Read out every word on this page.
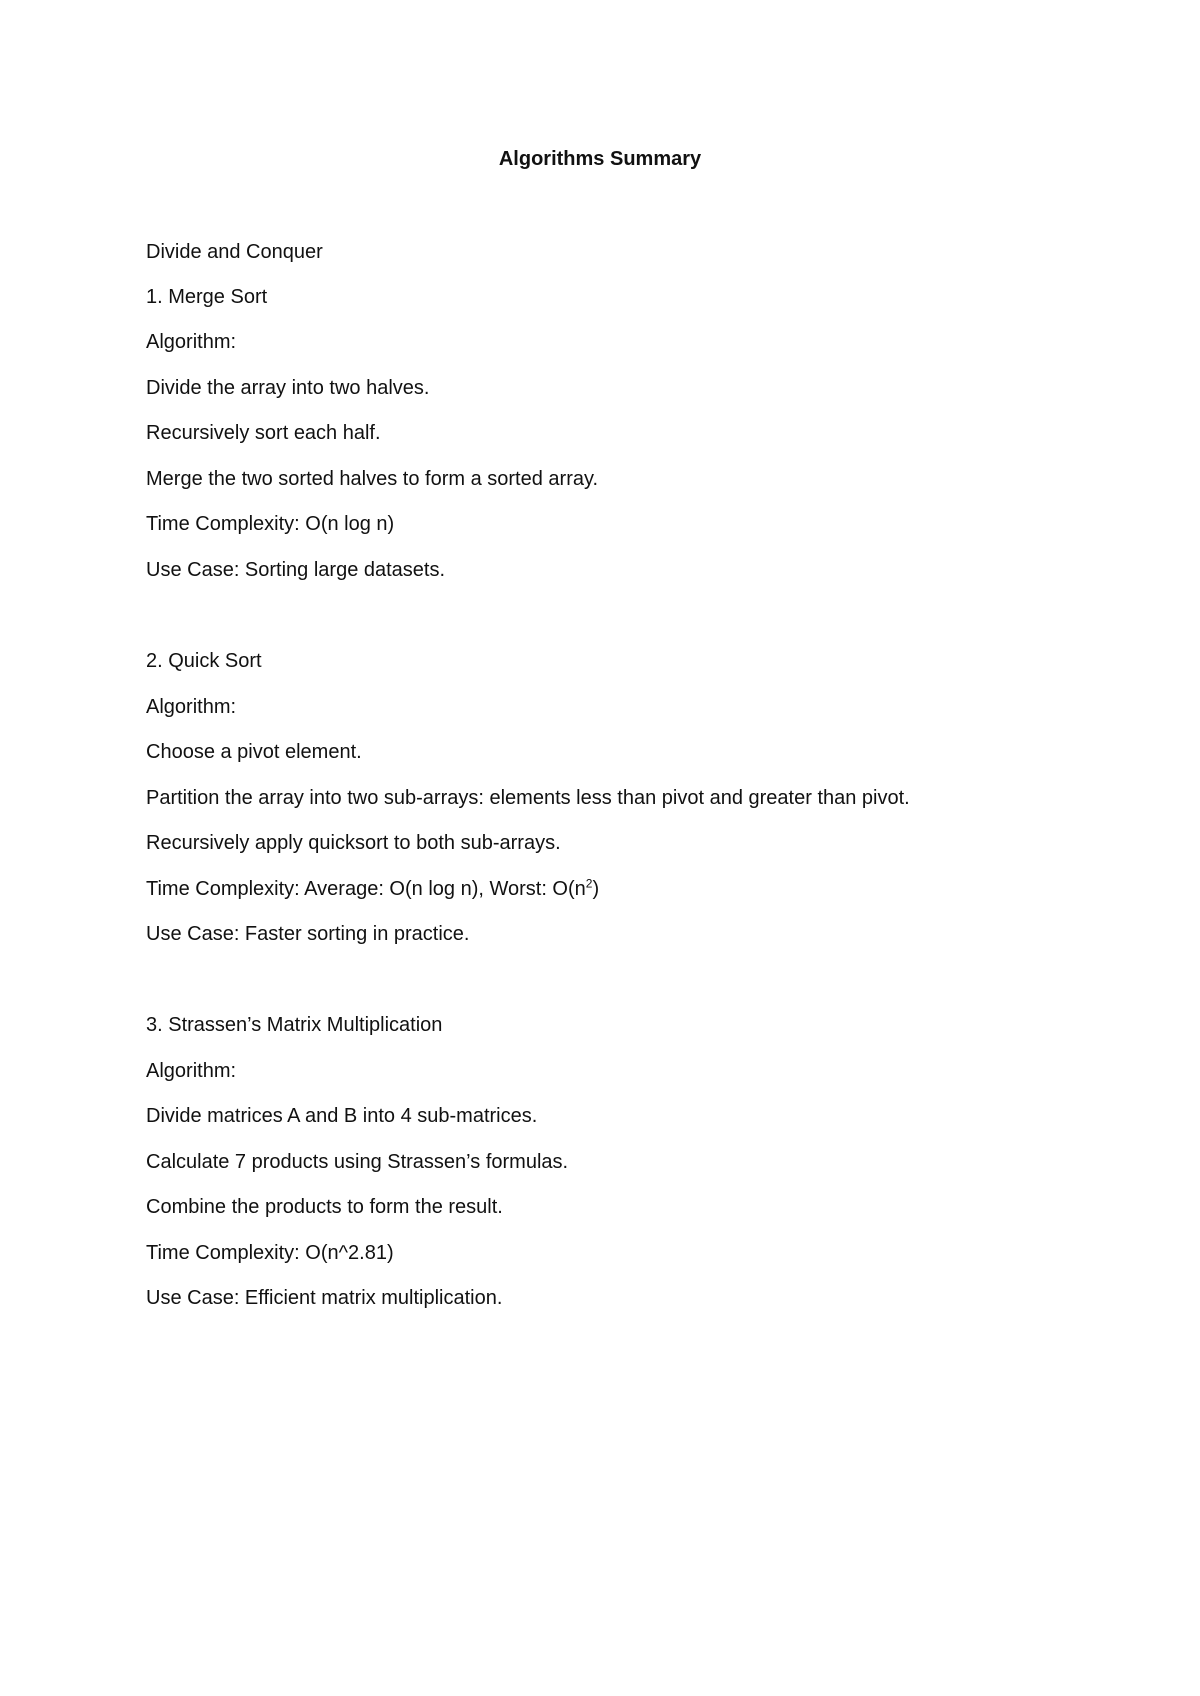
Algorithms Summary
Divide and Conquer
1. Merge Sort
Algorithm:
Divide the array into two halves.
Recursively sort each half.
Merge the two sorted halves to form a sorted array.
Time Complexity: O(n log n)
Use Case: Sorting large datasets.
2. Quick Sort
Algorithm:
Choose a pivot element.
Partition the array into two sub-arrays: elements less than pivot and greater than pivot.
Recursively apply quicksort to both sub-arrays.
Time Complexity: Average: O(n log n), Worst: $O(n^2)$
Use Case: Faster sorting in practice.
3. Strassen’s Matrix Multiplication
Algorithm:
Divide matrices A and B into 4 sub-matrices.
Calculate 7 products using Strassen’s formulas.
Combine the products to form the result.
Time Complexity: O(n^2.81)
Use Case: Efficient matrix multiplication.
